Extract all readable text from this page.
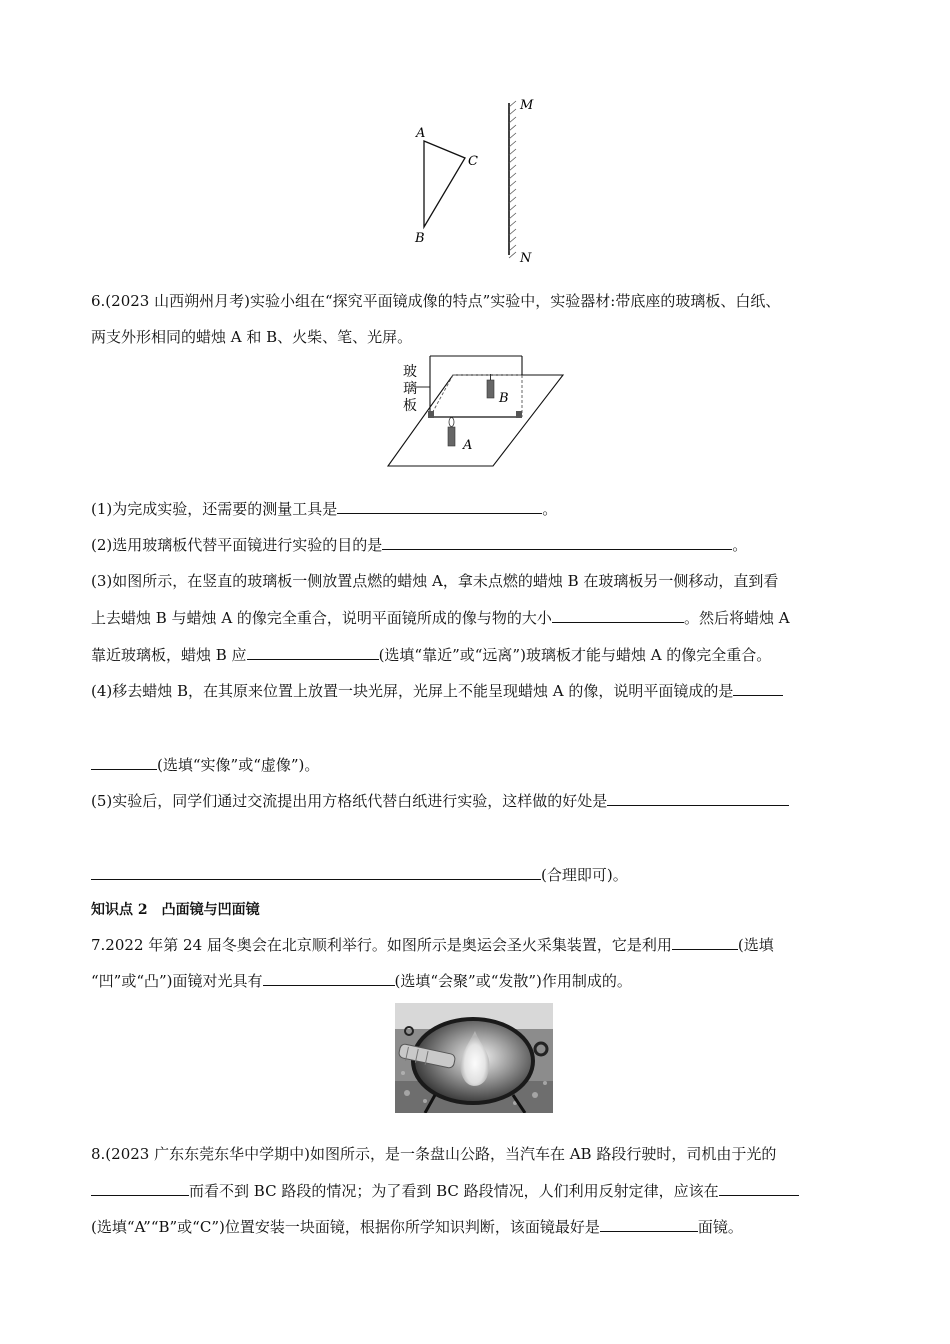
A
B
C
M
N
6.(2023 山西朔州月考)实验小组在“探究平面镜成像的特点”实验中，实验器材:带底座的玻璃板、白纸、
两支外形相同的蜡烛 A 和 B、火柴、笔、光屏。
玻
璃
板	B
A
(1)为完成实验，还需要的测量工具是	。
(2)选用玻璃板代替平面镜进行实验的目的是	。
(3)如图所示，在竖直的玻璃板一侧放置点燃的蜡烛 A，拿未点燃的蜡烛 B 在玻璃板另一侧移动，直到看
上去蜡烛 B 与蜡烛 A 的像完全重合，说明平面镜所成的像与物的大小	。然后将蜡烛 A
靠近玻璃板，蜡烛 B 应	(选填“靠近”或“远离”)玻璃板才能与蜡烛 A 的像完全重合。
(4)移去蜡烛 B，在其原来位置上放置一块光屏，光屏上不能呈现蜡烛 A 的像，说明平面镜成的是
(选填“实像”或“虚像”)。
(5)实验后，同学们通过交流提出用方格纸代替白纸进行实验，这样做的好处是
(合理即可)。
知识点 2　凸面镜与凹面镜
7.2022 年第 24 届冬奥会在北京顺利举行。如图所示是奥运会圣火采集装置，它是利用	(选填
“凹”或“凸”)面镜对光具有	(选填“会聚”或“发散”)作用制成的。
8.(2023 广东东莞东华中学期中)如图所示，是一条盘山公路，当汽车在 AB 路段行驶时，司机由于光的
而看不到 BC 路段的情况；为了看到 BC 路段情况，人们利用反射定律，应该在
(选填“A”“B”或“C”)位置安装一块面镜，根据你所学知识判断，该面镜最好是	面镜。
